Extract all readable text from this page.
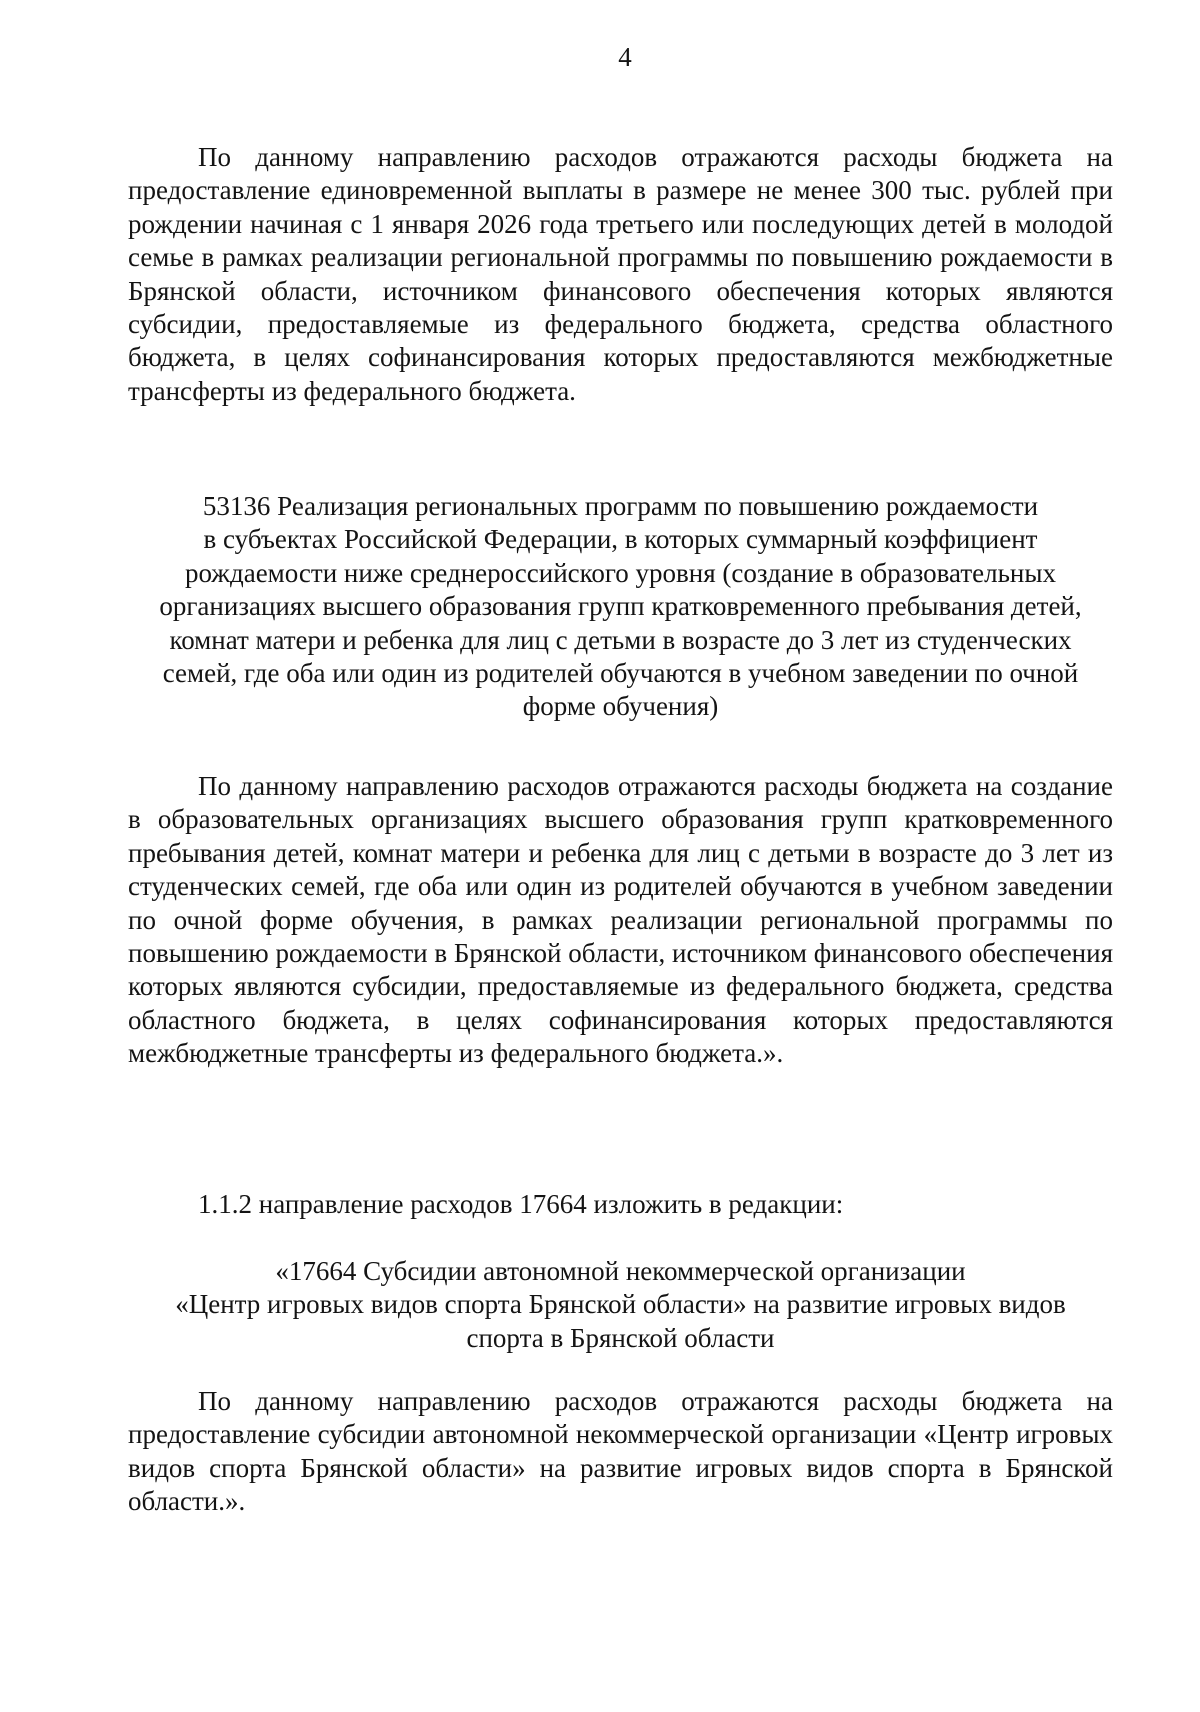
4

По данному направлению расходов отражаются расходы бюджета на предоставление единовременной выплаты в размере не менее 300 тыс. рублей при рождении начиная с 1 января 2026 года третьего или последующих детей в молодой семье в рамках реализации региональной программы по повышению рождаемости в Брянской области, источником финансового обеспечения которых являются субсидии, предоставляемые из федерального бюджета, средства областного бюджета, в целях софинансирования которых предоставляются межбюджетные трансферты из федерального бюджета.

53136 Реализация региональных программ по повышению рождаемости
в субъектах Российской Федерации, в которых суммарный коэффициент
рождаемости ниже среднероссийского уровня (создание в образовательных
организациях высшего образования групп кратковременного пребывания детей,
комнат матери и ребенка для лиц с детьми в возрасте до 3 лет из студенческих
семей, где оба или один из родителей обучаются в учебном заведении по очной
форме обучения)

По данному направлению расходов отражаются расходы бюджета на создание в образовательных организациях высшего образования групп кратковременного пребывания детей, комнат матери и ребенка для лиц с детьми в возрасте до 3 лет из студенческих семей, где оба или один из родителей обучаются в учебном заведении по очной форме обучения, в рамках реализации региональной программы по повышению рождаемости в Брянской области, источником финансового обеспечения которых являются субсидии, предоставляемые из федерального бюджета, средства областного бюджета, в целях софинансирования которых предоставляются межбюджетные трансферты из федерального бюджета.».

1.1.2 направление расходов 17664 изложить в редакции:

«17664 Субсидии автономной некоммерческой организации
«Центр игровых видов спорта Брянской области» на развитие игровых видов
спорта в Брянской области

По данному направлению расходов отражаются расходы бюджета на предоставление субсидии автономной некоммерческой организации «Центр игровых видов спорта Брянской области» на развитие игровых видов спорта в Брянской области.».
